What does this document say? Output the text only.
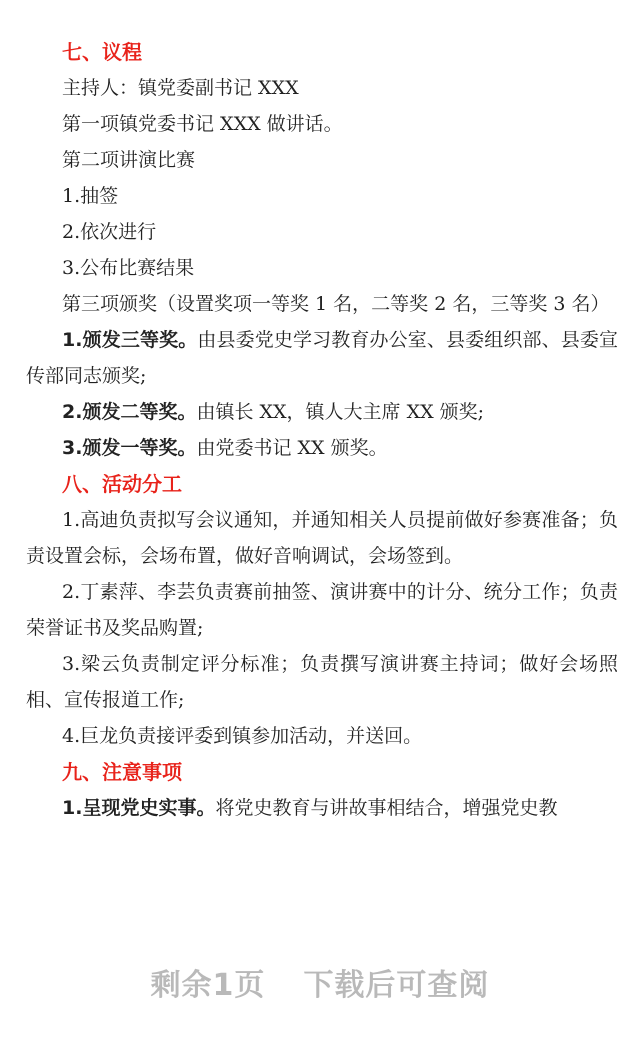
七、议程

主持人：镇党委副书记 XXX

第一项镇党委书记 XXX 做讲话。

第二项讲演比赛

1.抽签

2.依次进行

3.公布比赛结果

第三项颁奖（设置奖项一等奖 1 名，二等奖 2 名，三等奖 3 名）

1.颁发三等奖。由县委党史学习教育办公室、县委组织部、县委宣传部同志颁奖;

2.颁发二等奖。由镇长 XX，镇人大主席 XX 颁奖;

3.颁发一等奖。由党委书记 XX 颁奖。

八、活动分工

1.高迪负责拟写会议通知，并通知相关人员提前做好参赛准备；负责设置会标，会场布置，做好音响调试，会场签到。

2.丁素萍、李芸负责赛前抽签、演讲赛中的计分、统分工作；负责荣誉证书及奖品购置;

3.梁云负责制定评分标准；负责撰写演讲赛主持词；做好会场照相、宣传报道工作;

4.巨龙负责接评委到镇参加活动，并送回。

九、注意事项

1.呈现党史实事。将党史教育与讲故事相结合，增强党史教

剩余1页 下载后可查阅
